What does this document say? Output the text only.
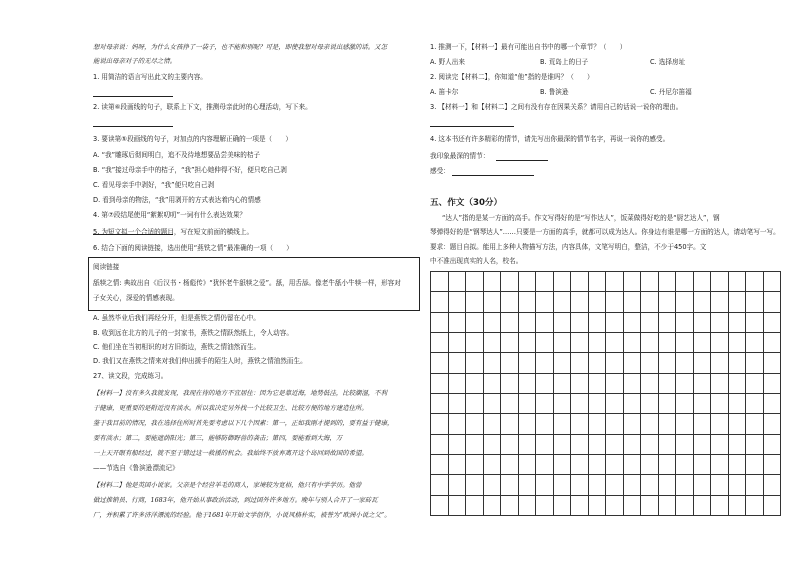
想对母亲说：妈呀，为什么女孩挣了一袋子，也不能和别呢？可是，即使我想对母亲说出感激的话。又怎
能说出母亲对子的无尽之情。
1. 用简洁的语言写出此文的主要内容。
2. 读第⑥段画线的句子，联系上下文，推测母亲此时的心理活动，写下来。
3. 要读第⑤段画线的句子，对加点的内容理解正确的一项是（　　）
A. “我”雕琢后彻间明白，追不及待地想要品尝美味的桔子
B. “我”接过母亲手中的桔子，“我”担心她伸得不好，便只吃自己剥
C. 看见母亲手中剥好，“我”便只吃自己剥
D. 看到母亲的物法，“我”用剥开的方式表达着内心的情感
4. 第⑦段结尾使用“絮絮叨叨”一词有什么表达效果？
5. 为短文拟一个合适的题目，写在短文前面的横线上。
6. 结合下面的阅读链接，选出使用“燕铁之情”最准确的一项（　　）
阅读链接
舐犊之情: 典故出自《后汉书・杨彪传》“犹怀老牛舐犊之爱”。舐，用舌舔。像老牛舐小牛犊一样，形容对
子女关心，深爱的情感表现。
A. 虽然毕业后我们再经分开，但是燕铁之情仍留在心中。
B. 收到远在北方的儿子的一封家书，燕铁之情跃然纸上，令人动容。
C. 他们坐在当初相识的对方旧街边，燕铁之情油然而生。
D. 我们又在燕铁之情来对我们伸出援手的陌生人时，燕铁之情油然而生。
27、读文段，完成练习。
【材料一】没有多久我就发现，我现在待的地方不宜居住：因为它是靠近海，地势低洼，比较潮湿，不利
于健康，更重要的是附近没有淡水。所以我决定另外找一个比较卫生、比较方便的地方建造住所。
鉴于我目前的情况，我在选择住所时首先要考虑以下几个因素：第一，正如我刚才提到的，要有益于健康，
要有淡水；第二，要能遮荫阳光；第三，能够防御野兽的袭击；第四，要能看到大海，万
一上天开眼有船经过，就不至于错过这一救援的机会。我始终不放弃离开这个岛回到故国的希望。
——节选自《鲁滨逊漂流记》
【材料二】他是英国小说家。父亲是个经营羊毛的商人，家境较为宽裕，他只有中学学历。他曾
做过推销员、行商，1683年，他开始从事政治活动，到过国外许多地方。晚年与别人合开了一家砖瓦
厂，并积累了许多济洋漂流的经验。他于1681年开始文学创作，小说风格朴实，被誉为“欧洲小说之父”。
1. 推测一下，【材料一】最有可能出自书中的哪一个章节？（　　）
A. 野人出来	B. 荒岛上的日子	C. 选择房址
2. 阅读完【材料二】，你知道“他”指的是谁吗？（　　）
A. 笛卡尔	B. 鲁滨逊	C. 丹尼尔笛福
3. 【材料一】和【材料二】之间有没有存在因果关系？请用自己的话说一说你的理由。
4. 这本书还有许多精彩的情节，请先写出你最深的情节名字，再说一说你的感受。
我印象最深的情节：
感受：
五、作文（30分）
“达人”指的是某一方面的高手。作文写得好的是“写作达人”，饭菜做得好吃的是“厨艺达人”，钢
琴弹得好的是“钢琴达人”……只要是一方面的高手，就都可以成为达人。你身边有谁是哪一方面的达人，请动笔写一写。
要求：题目自拟。能用上多种人物描写方法，内容具体，文笔写明白，整洁，不少于450字。文
中不准出现真实的人名，校名。
